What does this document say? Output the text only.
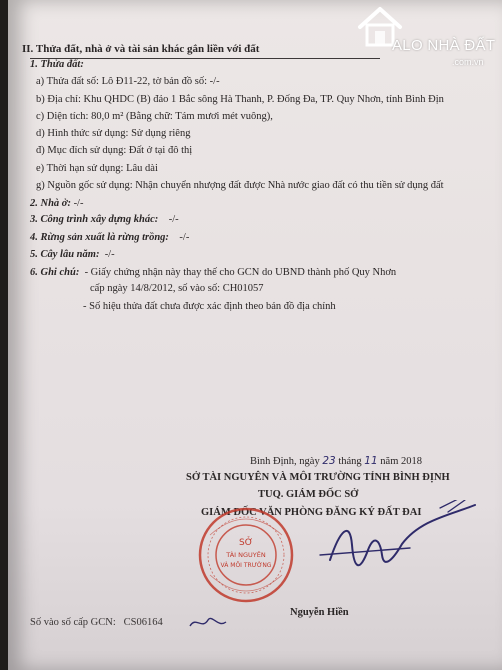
II. Thửa đất, nhà ở và tài sản khác gắn liền với đất
1. Thửa đất:
a) Thửa đất số: Lô Đ11-22, tờ bản đồ số: -/-
b) Địa chỉ: Khu QHDC (B) đảo 1 Bắc sông Hà Thanh, P. Đống Đa, TP. Quy Nhơn, tỉnh Bình Địn
c) Diện tích: 80,0 m² (Bằng chữ: Tám mươi mét vuông),
d) Hình thức sử dụng: Sử dụng riêng
đ) Mục đích sử dụng: Đất ở tại đô thị
e) Thời hạn sử dụng: Lâu dài
g) Nguồn gốc sử dụng: Nhận chuyển nhượng đất được Nhà nước giao đất có thu tiền sử dụng đất
2. Nhà ở: -/-
3. Công trình xây dựng khác: -/-
4. Rừng sản xuất là rừng trồng: -/-
5. Cây lâu năm: -/-
6. Ghi chú: - Giấy chứng nhận này thay thế cho GCN do UBND thành phố Quy Nhơn
cấp ngày 14/8/2012, số vào số: CH01057
- Số hiệu thửa đất chưa được xác định theo bản đồ địa chính
Bình Định, ngày 23 tháng 11 năm 2018
SỞ TÀI NGUYÊN VÀ MÔI TRƯỜNG TỈNH BÌNH ĐỊNH
TUQ. GIÁM ĐỐC SỞ
GIÁM ĐỐC VĂN PHÒNG ĐĂNG KÝ ĐẤT ĐAI
SỞ
TÀI NGUYÊN
VÀ MÔI TRƯỜNG
Nguyễn Hiền
Số vào số cấp GCN: CS06164
ALO NHÀ ĐẤT
.com.vn
